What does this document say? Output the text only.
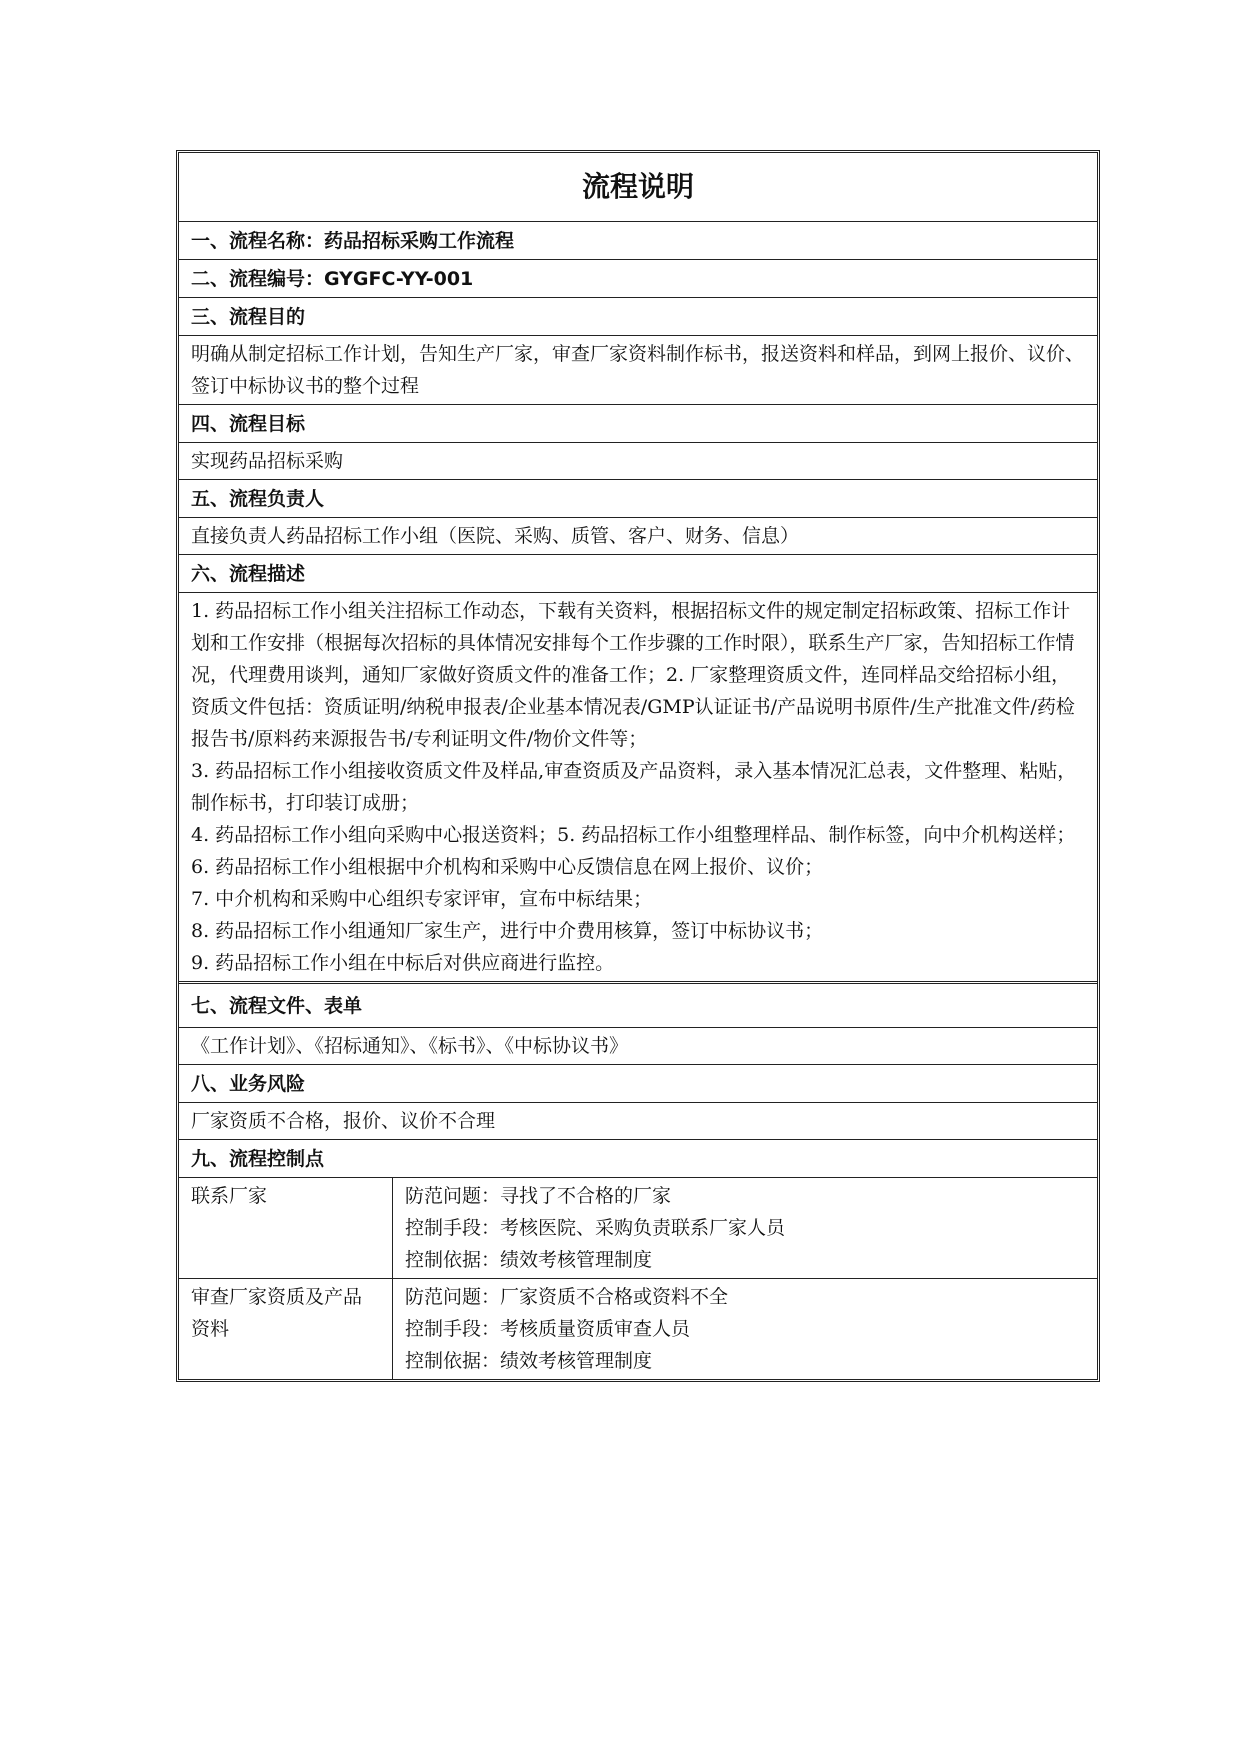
流程说明
一、流程名称：药品招标采购工作流程
二、流程编号：GYGFC-YY-001
三、流程目的
明确从制定招标工作计划，告知生产厂家，审查厂家资料制作标书，报送资料和样品，到网上报价、议价、签订中标协议书的整个过程
四、流程目标
实现药品招标采购
五、流程负责人
直接负责人药品招标工作小组（医院、采购、质管、客户、财务、信息）
六、流程描述

1. 药品招标工作小组关注招标工作动态，下载有关资料，根据招标文件的规定制定招标政策、招标工作计划和工作安排（根据每次招标的具体情况安排每个工作步骤的工作时限），联系生产厂家，告知招标工作情况，代理费用谈判，通知厂家做好资质文件的准备工作；2. 厂家整理资质文件，连同样品交给招标小组，资质文件包括：资质证明/纳税申报表/企业基本情况表/GMP认证证书/产品说明书原件/生产批准文件/药检报告书/原料药来源报告书/专利证明文件/物价文件等；

3. 药品招标工作小组接收资质文件及样品,审查资质及产品资料，录入基本情况汇总表，文件整理、粘贴，制作标书，打印装订成册；

4. 药品招标工作小组向采购中心报送资料；5. 药品招标工作小组整理样品、制作标签，向中介机构送样；6. 药品招标工作小组根据中介机构和采购中心反馈信息在网上报价、议价；

7. 中介机构和采购中心组织专家评审，宣布中标结果；

8. 药品招标工作小组通知厂家生产，进行中介费用核算，签订中标协议书；

9. 药品招标工作小组在中标后对供应商进行监控。

七、流程文件、表单
《工作计划》、《招标通知》、《标书》、《中标协议书》
八、业务风险
厂家资质不合格，报价、议价不合理
九、流程控制点
联系厂家	防范问题：寻找了不合格的厂家
控制手段：考核医院、采购负责联系厂家人员
控制依据：绩效考核管理制度
审查厂家资质及产品资料
防范问题：厂家资质不合格或资料不全
控制手段：考核质量资质审查人员
控制依据：绩效考核管理制度
